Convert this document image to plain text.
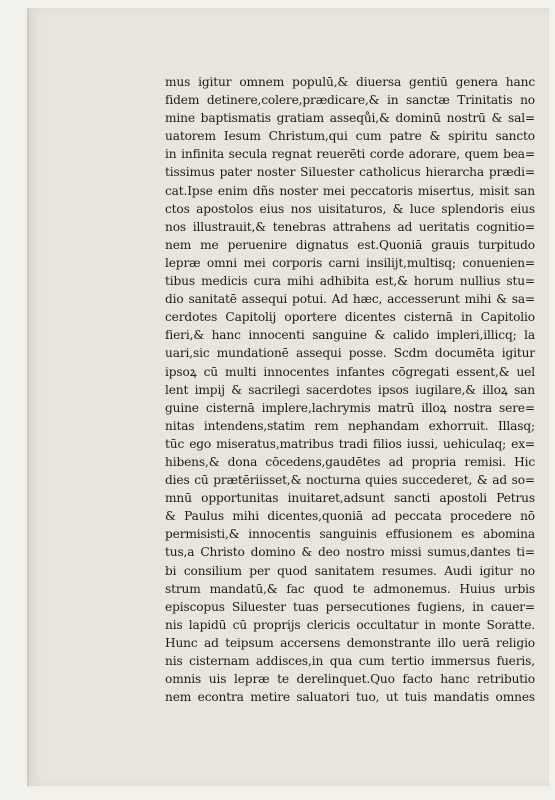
mus igitur omnem populū,& diuersa gentiū genera hanc
fidem detinere,colere,prædicare,& in sanctæ Trinitatis no
mine baptismatis gratiam asseqůi,& dominū nostrū & sal=
uatorem Iesum Christum,qui cum patre & spiritu sancto
in infinita secula regnat reuerēti corde adorare, quem bea=
tissimus pater noster Siluester catholicus hierarcha prædi=
cat.Ipse enim dñs noster mei peccatoris misertus, misit san
ctos apostolos eius nos uisitaturos, & luce splendoris eius
nos illustrauit,& tenebras attrahens ad ueritatis cognitio=
nem me peruenire dignatus est.Quoniā grauis turpitudo
lepræ omni mei corporis carni insilijt,multisq; conuenien=
tibus medicis cura mihi adhibita est,& horum nullius stu=
dio sanitatē assequi potui. Ad hæc, accesserunt mihi & sa=
cerdotes Capitolij oportere dicentes cisternā in Capitolio
fieri,& hanc innocenti sanguine & calido impleri,illicq; la
uari,sic mundationē assequi posse. Scdm documēta igitur
ipsoꝝ cū multi innocentes infantes cōgregati essent,& uel
lent impij & sacrilegi sacerdotes ipsos iugilare,& illoꝝ san
guine cisternā implere,lachrymis matrū illoꝝ nostra sere=
nitas intendens,statim rem nephandam exhorruit. Illasq;
tūc ego miseratus,matribus tradi filios iussi, uehiculaq; ex=
hibens,& dona cōcedens,gaudētes ad propria remisi. Hic
dies cū prætēriisset,& nocturna quies succederet, & ad so=
mnū opportunitas inuitaret,adsunt sancti apostoli Petrus
& Paulus mihi dicentes,quoniā ad peccata procedere nō
permisisti,& innocentis sanguinis effusionem es abomina
tus,a Christo domino & deo nostro missi sumus,dantes ti=
bi consilium per quod sanitatem resumes. Audi igitur no
strum mandatū,& fac quod te admonemus. Huius urbis
episcopus Siluester tuas persecutiones fugiens, in cauer=
nis lapidū cū proprijs clericis occultatur in monte Soratte.
Hunc ad teipsum accersens demonstrante illo uerā religio
nis cisternam addisces,in qua cum tertio immersus fueris,
omnis uis lepræ te derelinquet.Quo facto hanc retributio
nem econtra metire saluatori tuo, ut tuis mandatis omnes
